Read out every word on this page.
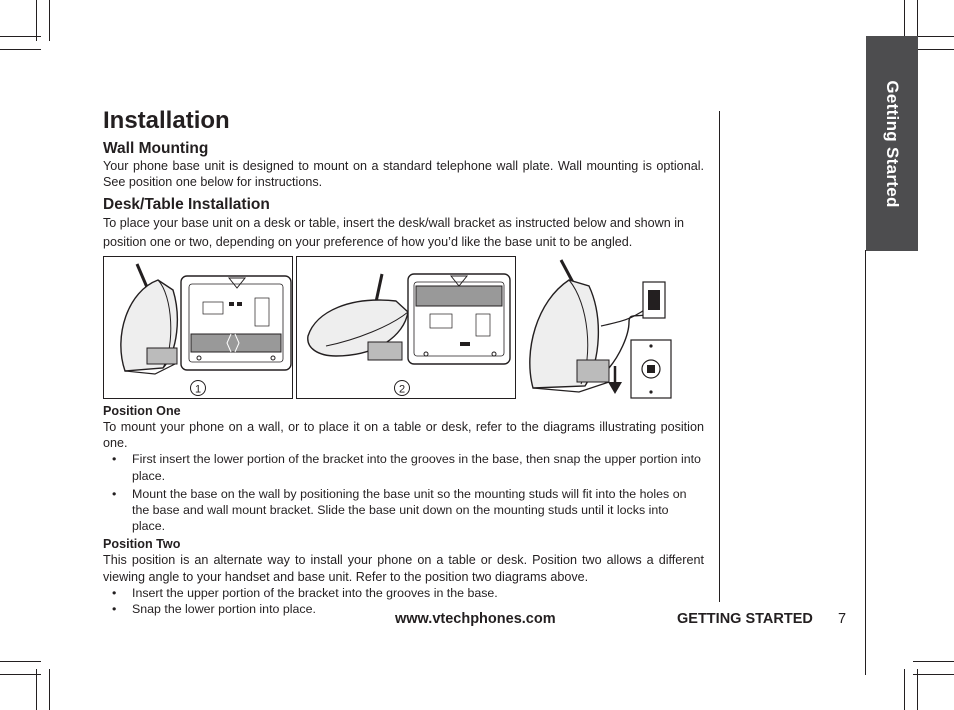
Getting Started
Installation
Wall Mounting

Your phone base unit is designed to mount on a standard telephone wall plate. Wall mounting is optional. See position one below for instructions.

Desk/Table Installation

To place your base unit on a desk or table, insert the desk/wall bracket as instructed below and shown in position one or two, depending on your preference of how you’d like the base unit to be angled.

1	2
Position One

To mount your phone on a wall, or to place it on a table or desk, refer to the diagrams illustrating position one.

• First insert the lower portion of the bracket into the grooves in the base, then snap the upper portion into place.
• Mount the base on the wall by positioning the base unit so the mounting studs will fit into the holes on the base and wall mount bracket. Slide the base unit down on the mounting studs until it locks into place.
Position Two

This position is an alternate way to install your phone on a table or desk. Position two allows a different viewing angle to your handset and base unit. Refer to the position two diagrams above.

• Insert the upper portion of the bracket into the grooves in the base.
• Snap the lower portion into place.
www.vtechphones.com	GETTING STARTED 7
